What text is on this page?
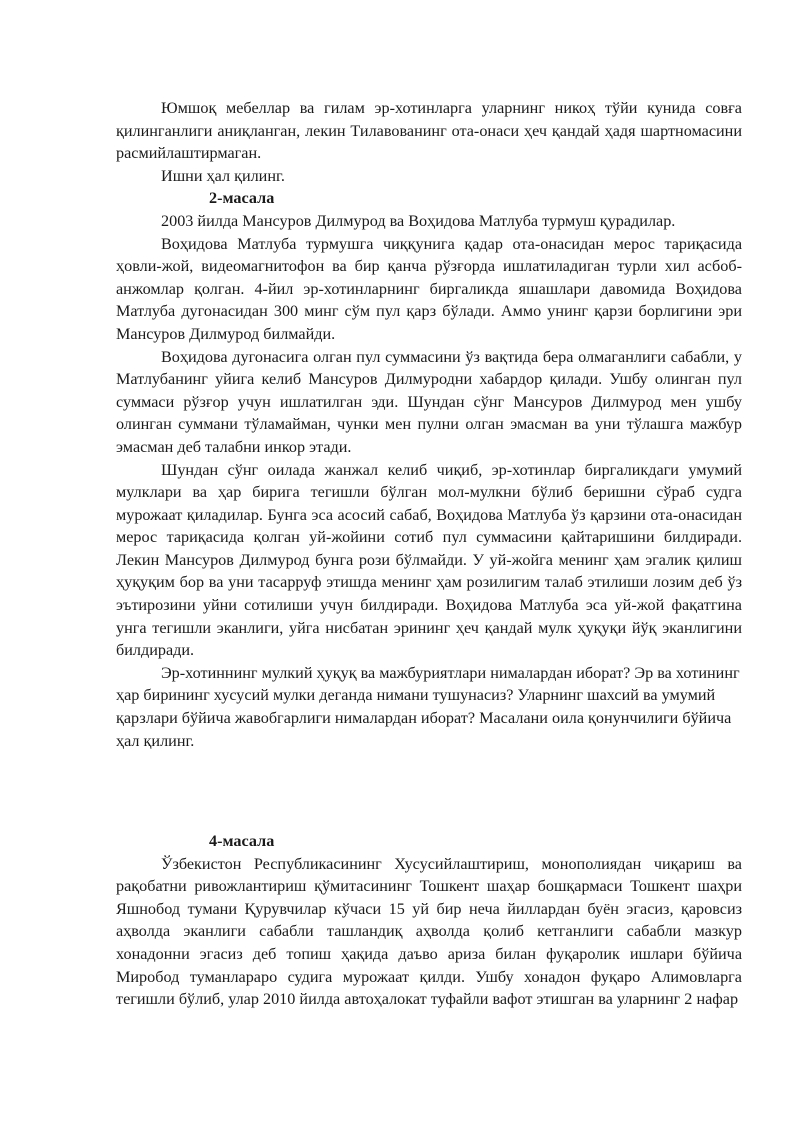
Юмшоқ мебеллар ва гилам эр-хотинларга уларнинг никоҳ тўйи кунида совға қилинганлиги аниқланган, лекин Тилавованинг ота-онаси ҳеч қандай ҳадя шартномасини расмийлаштирмаган.

Ишни ҳал қилинг.

2-масала

2003 йилда Мансуров Дилмурод ва Воҳидова Матлуба турмуш қурадилар.

Воҳидова Матлуба турмушга чиққунига қадар ота-онасидан мерос тариқасида ҳовли-жой, видеомагнитофон ва бир қанча рўзғорда ишлатиладиган турли хил асбоб-анжомлар қолган. 4-йил эр-хотинларнинг биргаликда яшашлари давомида Воҳидова Матлуба дугонасидан 300 минг сўм пул қарз бўлади. Аммо унинг қарзи борлигини эри Мансуров Дилмурод билмайди.

Воҳидова дугонасига олган пул суммасини ўз вақтида бера олмаганлиги сабабли, у Матлубанинг уйига келиб Мансуров Дилмуродни хабардор қилади. Ушбу олинган пул суммаси рўзғор учун ишлатилган эди. Шундан сўнг Мансуров Дилмурод мен ушбу олинган суммани тўламайман, чунки мен пулни олган эмасман ва уни тўлашга мажбур эмасман деб талабни инкор этади.

Шундан сўнг оилада жанжал келиб чиқиб, эр-хотинлар биргаликдаги умумий мулклари ва ҳар бирига тегишли бўлган мол-мулкни бўлиб беришни сўраб судга мурожаат қиладилар. Бунга эса асосий сабаб, Воҳидова Матлуба ўз қарзини ота-онасидан мерос тариқасида қолган уй-жойини сотиб пул суммасини қайтаришини билдиради. Лекин Мансуров Дилмурод бунга рози бўлмайди. У уй-жойга менинг ҳам эгалик қилиш ҳуқуқим бор ва уни тасарруф этишда менинг ҳам розилигим талаб этилиши лозим деб ўз эътирозини уйни сотилиши учун билдиради. Воҳидова Матлуба эса уй-жой фақатгина унга тегишли эканлиги, уйга нисбатан эрининг ҳеч қандай мулк ҳуқуқи йўқ эканлигини билдиради.

Эр-хотиннинг мулкий ҳуқуқ ва мажбуриятлари нималардан иборат? Эр ва хотининг ҳар бирининг хусусий мулки деганда нимани тушунасиз? Уларнинг шахсий ва умумий қарзлари бўйича жавобгарлиги нималардан иборат? Масалани оила қонунчилиги бўйича ҳал қилинг.

4-масала

Ўзбекистон Республикасининг Хусусийлаштириш, монополиядан чиқариш ва рақобатни ривожлантириш қўмитасининг Тошкент шаҳар бошқармаси Тошкент шаҳри Яшнобод тумани Қурувчилар кўчаси 15 уй бир неча йиллардан буён эгасиз, қаровсиз аҳволда эканлиги сабабли ташландиқ аҳволда қолиб кетганлиги сабабли мазкур хонадонни эгасиз деб топиш ҳақида даъво ариза билан фуқаролик ишлари бўйича Миробод туманлараро судига мурожаат қилди. Ушбу хонадон фуқаро Алимовларга тегишли бўлиб, улар 2010 йилда автоҳалокат туфайли вафот этишган ва уларнинг 2 нафар
